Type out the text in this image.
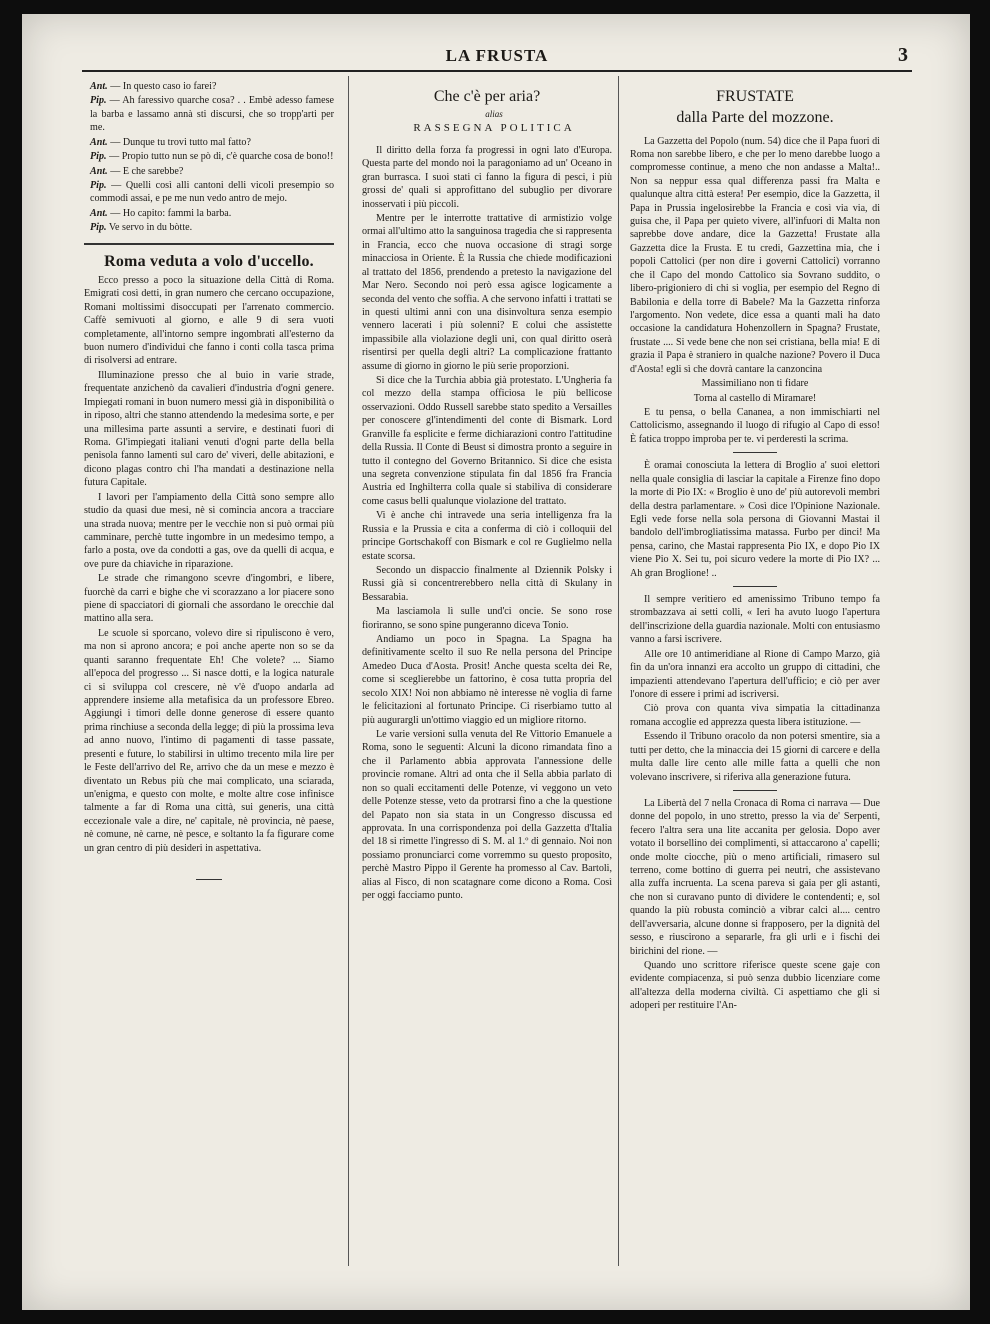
LA FRUSTA	3

Ant. — In questo caso io farei?

Pip. — Ah faressivo quarche cosa? . . Embè adesso famese la barba e lassamo annà sti discursi, che so tropp'arti per me.

Ant. — Dunque tu trovi tutto mal fatto?

Pip. — Propio tutto nun se pò di, c'è quarche cosa de bono!!

Ant. — E che sarebbe?

Pip. — Quelli così alli cantoni delli vicoli presempio so commodi assai, e pe me nun vedo antro de mejo.

Ant. — Ho capito: fammi la barba.

Pip. Ve servo in du bòtte.

Roma veduta a volo d'uccello.

Ecco presso a poco la situazione della Città di Roma. Emigrati così detti, in gran numero che cercano occupazione, Romani moltissimi disoccupati per l'arrenato commercio. Caffè semivuoti al giorno, e alle 9 di sera vuoti completamente, all'intorno sempre ingombrati all'esterno da buon numero d'individui che fanno i conti colla tasca prima di risolversi ad entrare.

Illuminazione presso che al buio in varie strade, frequentate anzichenò da cavalieri d'industria d'ogni genere. Impiegati romani in buon numero messi già in disponibilità o in riposo, altri che stanno attendendo la medesima sorte, e per una millesima parte assunti a servire, e destinati fuori di Roma. Gl'impiegati italiani venuti d'ogni parte della bella penisola fanno lamenti sul caro de' viveri, delle abitazioni, e dicono plagas contro chi l'ha mandati a destinazione nella futura Capitale.

I lavori per l'ampiamento della Città sono sempre allo studio da quasi due mesi, nè si comincia ancora a tracciare una strada nuova; mentre per le vecchie non si può ormai più camminare, perchè tutte ingombre in un medesimo tempo, a farlo a posta, ove da condotti a gas, ove da quelli di acqua, e ove pure da chiaviche in riparazione.

Le strade che rimangono scevre d'ingombri, e libere, fuorchè da carri e bighe che vi scorazzano a lor piacere sono piene di spacciatori di giornali che assordano le orecchie dal mattino alla sera.

Le scuole si sporcano, volevo dire si ripuliscono è vero, ma non si aprono ancora; e poi anche aperte non so se da quanti saranno frequentate Eh! Che volete? ... Siamo all'epoca del progresso ... Si nasce dotti, e la logica naturale ci si sviluppa col crescere, nè v'è d'uopo andarla ad apprendere insieme alla metafisica da un professore Ebreo. Aggiungi i timori delle donne generose di essere quanto prima rinchiuse a seconda della legge; di più la prossima leva ad anno nuovo, l'intimo di pagamenti di tasse passate, presenti e future, lo stabilirsi in ultimo trecento mila lire per le Feste dell'arrivo del Re, arrivo che da un mese e mezzo è diventato un Rebus più che mai complicato, una sciarada, un'enigma, e questo con molte, e molte altre cose infinisce talmente a far di Roma una città, sui generis, una città eccezionale vale a dire, ne' capitale, nè provincia, nè paese, nè comune, nè carne, nè pesce, e soltanto la fa figurare come un gran centro di più desideri in aspettativa.

Che c'è per aria?

alias

RASSEGNA POLITICA

Il diritto della forza fa progressi in ogni lato d'Europa. Questa parte del mondo noi la paragoniamo ad un' Oceano in gran burrasca. I suoi stati ci fanno la figura di pesci, i più grossi de' quali si approfittano del subuglio per divorare inosservati i più piccoli.

Mentre per le interrotte trattative di armistizio volge ormai all'ultimo atto la sanguinosa tragedia che si rappresenta in Francia, ecco che nuova occasione di stragi sorge minacciosa in Oriente. È la Russia che chiede modificazioni al trattato del 1856, prendendo a pretesto la navigazione del Mar Nero. Secondo noi però essa agisce logicamente a seconda del vento che soffia. A che servono infatti i trattati se in questi ultimi anni con una disinvoltura senza esempio vennero lacerati i più solenni? E colui che assistette impassibile alla violazione degli uni, con qual diritto oserà risentirsi per quella degli altri? La complicazione frattanto assume di giorno in giorno le più serie proporzioni.

Si dice che la Turchia abbia già protestato. L'Ungheria fa col mezzo della stampa officiosa le più bellicose osservazioni. Oddo Russell sarebbe stato spedito a Versailles per conoscere gl'intendimenti del conte di Bismark. Lord Granville fa esplicite e ferme dichiarazioni contro l'attitudine della Russia. Il Conte di Beust si dimostra pronto a seguire in tutto il contegno del Governo Britannico. Si dice che esista una segreta convenzione stipulata fin dal 1856 fra Francia Austria ed Inghilterra colla quale si stabiliva di considerare come casus belli qualunque violazione del trattato.

Vi è anche chi intravede una seria intelligenza fra la Russia e la Prussia e cita a conferma di ciò i colloquii del principe Gortschakoff con Bismark e col re Guglielmo nella estate scorsa.

Secondo un dispaccio finalmente al Dziennik Polsky i Russi già si concentrerebbero nella città di Skulany in Bessarabia.

Ma lasciamola lì sulle und'ci oncie. Se sono rose fioriranno, se sono spine pungeranno diceva Tonio.

Andiamo un poco in Spagna. La Spagna ha definitivamente scelto il suo Re nella persona del Principe Amedeo Duca d'Aosta. Prosit! Anche questa scelta dei Re, come si sceglierebbe un fattorino, è cosa tutta propria del secolo XIX! Noi non abbiamo nè interesse nè voglia di farne le felicitazioni al fortunato Principe. Ci riserbiamo tutto al più augurargli un'ottimo viaggio ed un migliore ritorno.

Le varie versioni sulla venuta del Re Vittorio Emanuele a Roma, sono le seguenti: Alcuni la dicono rimandata fino a che il Parlamento abbia approvata l'annessione delle provincie romane. Altri ad onta che il Sella abbia parlato di non so quali eccitamenti delle Potenze, vi veggono un veto delle Potenze stesse, veto da protrarsi fino a che la questione del Papato non sia stata in un Congresso discussa ed approvata. In una corrispondenza poi della Gazzetta d'Italia del 18 si rimette l'ingresso di S. M. al 1.º di gennaio. Noi non possiamo pronunciarci come vorremmo su questo proposito, perchè Mastro Pippo il Gerente ha promesso al Cav. Bartoli, alias al Fisco, di non scatagnare come dicono a Roma. Così per oggi facciamo punto.

FRUSTATE
dalla Parte del mozzone.

La Gazzetta del Popolo (num. 54) dice che il Papa fuori di Roma non sarebbe libero, e che per lo meno darebbe luogo a compromesse continue, a meno che non andasse a Malta!.. Non sa neppur essa qual differenza passi fra Malta e qualunque altra città estera! Per esempio, dice la Gazzetta, il Papa in Prussia ingelosirebbe la Francia e così via via, di guisa che, il Papa per quieto vivere, all'infuori di Malta non saprebbe dove andare, dice la Gazzetta! Frustate alla Gazzetta dice la Frusta. E tu credi, Gazzettina mia, che i popoli Cattolici (per non dire i governi Cattolici) vorranno che il Capo del mondo Cattolico sia Sovrano suddito, o libero-prigioniero di chi si voglia, per esempio del Regno di Babilonia e della torre di Babele? Ma la Gazzetta rinforza l'argomento. Non vedete, dice essa a quanti mali ha dato occasione la candidatura Hohenzollern in Spagna? Frustate, frustate .... Si vede bene che non sei cristiana, bella mia! E di grazia il Papa è straniero in qualche nazione? Povero il Duca d'Aosta! egli sì che dovrà cantare la canzoncina

Massimiliano non ti fidare

Torna al castello di Miramare!

E tu pensa, o bella Cananea, a non immischiarti nel Cattolicismo, assegnando il luogo di rifugio al Capo di esso! È fatica troppo improba per te. vi perderesti la scrima.

È oramai conosciuta la lettera di Broglio a' suoi elettori nella quale consiglia di lasciar la capitale a Firenze fino dopo la morte di Pio IX: « Broglio è uno de' più autorevoli membri della destra parlamentare. » Così dice l'Opinione Nazionale. Egli vede forse nella sola persona di Giovanni Mastai il bandolo dell'imbrogliatissima matassa. Furbo per dinci! Ma pensa, carino, che Mastai rappresenta Pio IX, e dopo Pio IX viene Pio X. Sei tu, poi sicuro vedere la morte di Pio IX? ... Ah gran Broglione! ..

Il sempre veritiero ed amenissimo Tribuno tempo fa strombazzava ai setti colli, « Ieri ha avuto luogo l'apertura dell'inscrizione della guardia nazionale. Molti con entusiasmo vanno a farsi iscrivere.

Alle ore 10 antimeridiane al Rione di Campo Marzo, già fin da un'ora innanzi era accolto un gruppo di cittadini, che impazienti attendevano l'apertura dell'ufficio; e ciò per aver l'onore di essere i primi ad iscriversi.

Ciò prova con quanta viva simpatia la cittadinanza romana accoglie ed apprezza questa libera istituzione. —

Essendo il Tribuno oracolo da non potersi smentire, sia a tutti per detto, che la minaccia dei 15 giorni di carcere e della multa dalle lire cento alle mille fatta a quelli che non volevano inscrivere, si riferiva alla generazione futura.

La Libertà del 7 nella Cronaca di Roma ci narrava — Due donne del popolo, in uno stretto, presso la via de' Serpenti, fecero l'altra sera una lite accanita per gelosia. Dopo aver votato il borsellino dei complimenti, si attaccarono a' capelli; onde molte ciocche, più o meno artificiali, rimasero sul terreno, come bottino di guerra pei neutri, che assistevano alla zuffa incruenta. La scena pareva si gaia per gli astanti, che non si curavano punto di dividere le contendenti; e, sol quando la più robusta cominciò a vibrar calci al.... centro dell'avversaria, alcune donne si frapposero, per la dignità del sesso, e riuscirono a separarle, fra gli urli e i fischi dei birichini del rione. —

Quando uno scrittore riferisce queste scene gaje con evidente compiacenza, si può senza dubbio licenziare come all'altezza della moderna civiltà. Ci aspettiamo che gli si adoperi per restituire l'An-
